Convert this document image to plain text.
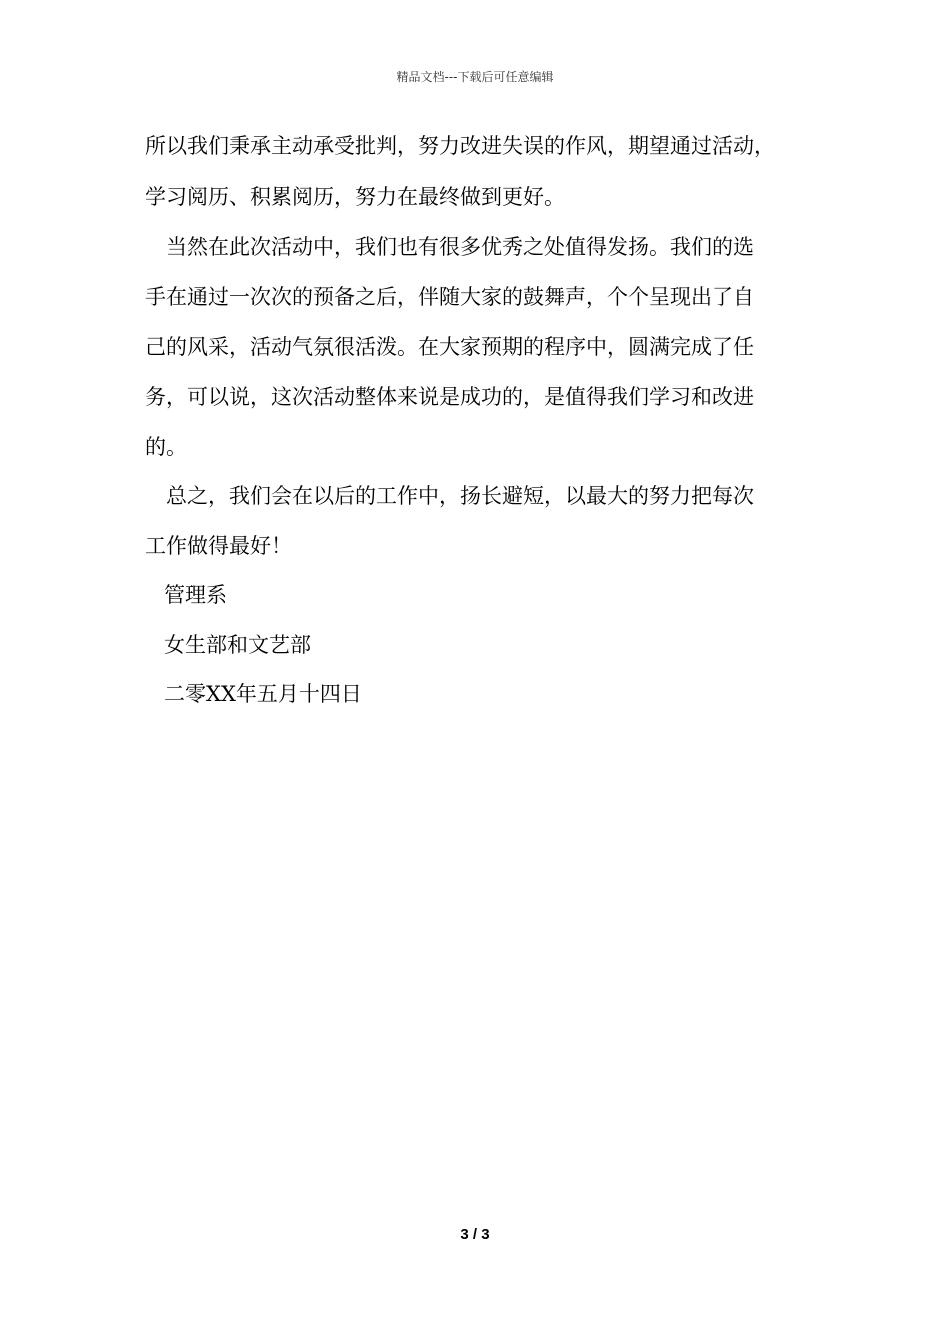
精品文档---下载后可任意编辑
所以我们秉承主动承受批判，努力改进失误的作风，期望通过活动，
学习阅历、积累阅历，努力在最终做到更好。
当然在此次活动中，我们也有很多优秀之处值得发扬。我们的选
手在通过一次次的预备之后，伴随大家的鼓舞声，个个呈现出了自
己的风采，活动气氛很活泼。在大家预期的程序中，圆满完成了任
务，可以说，这次活动整体来说是成功的，是值得我们学习和改进
的。
总之，我们会在以后的工作中，扬长避短，以最大的努力把每次
工作做得最好！
管理系
女生部和文艺部
二零XX年五月十四日
3 / 3
